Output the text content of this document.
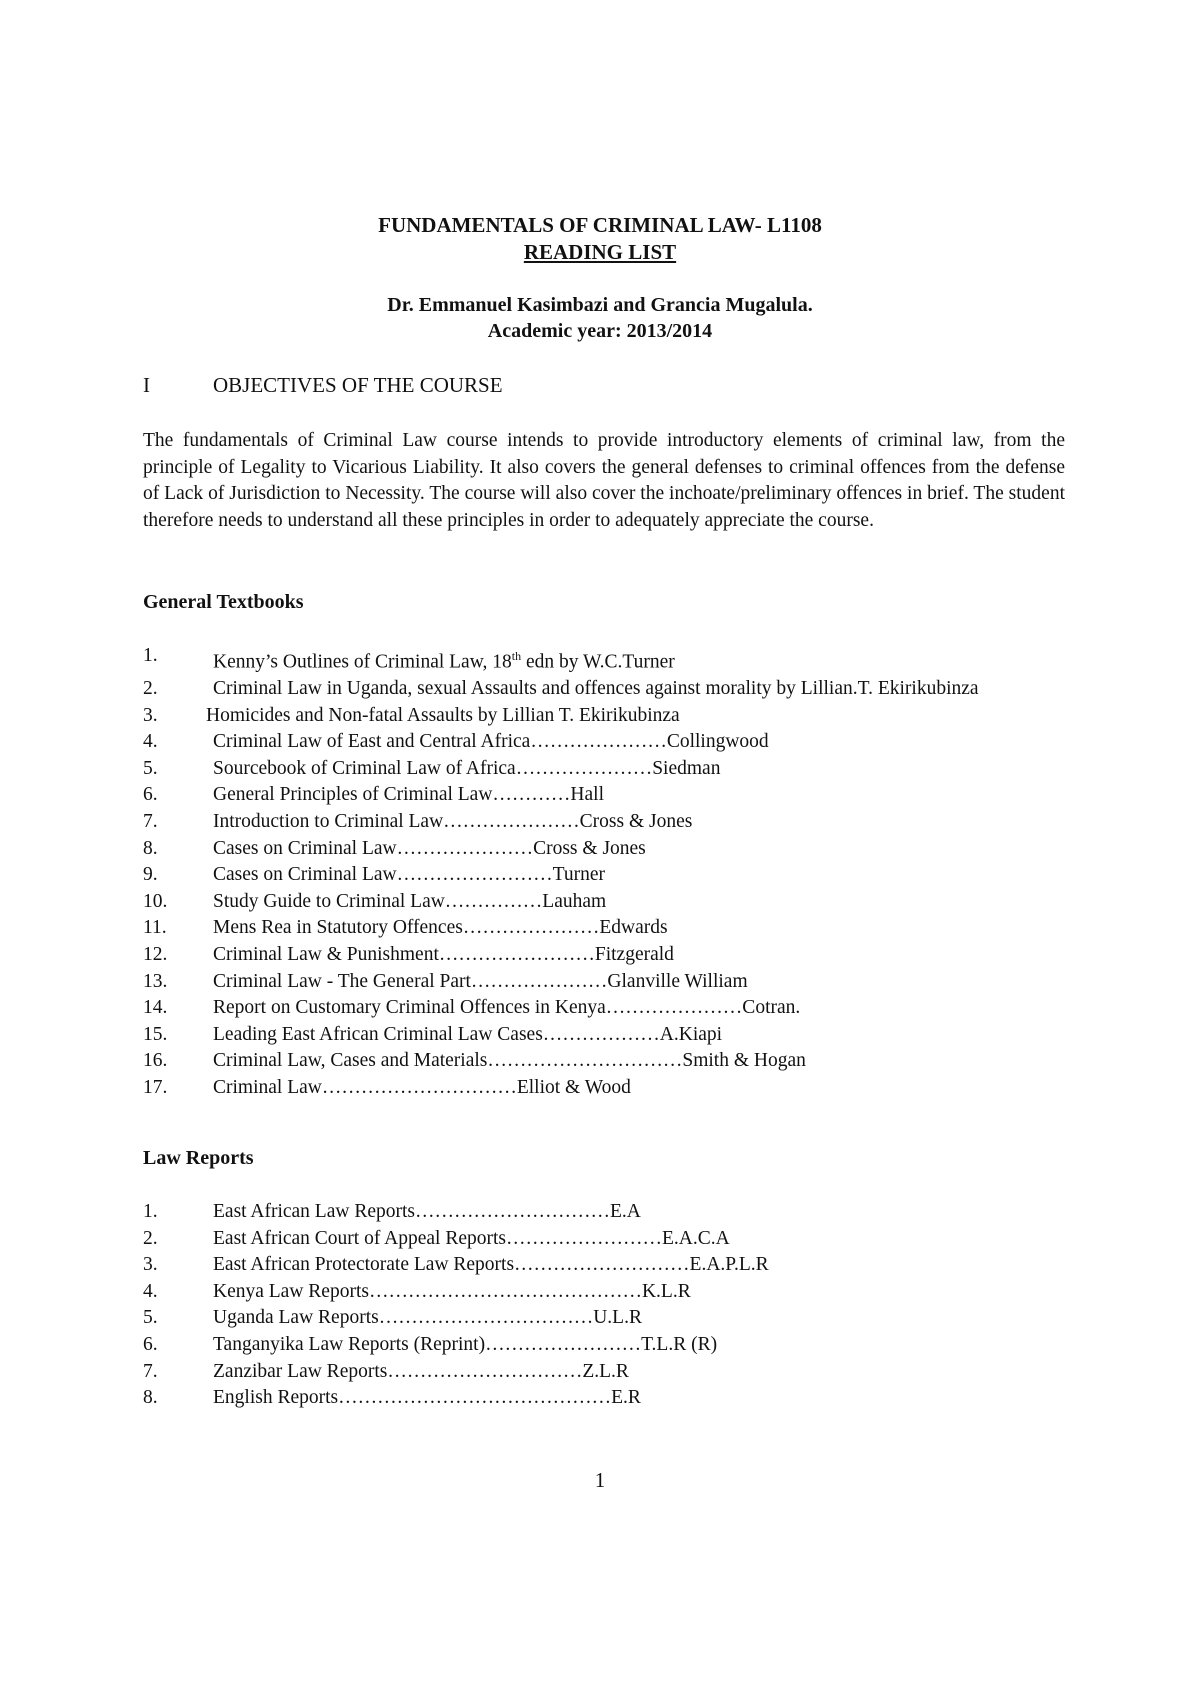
FUNDAMENTALS OF CRIMINAL LAW- L1108
READING LIST
Dr. Emmanuel Kasimbazi and Grancia Mugalula.
Academic year: 2013/2014
I	OBJECTIVES OF THE COURSE
The fundamentals of Criminal Law course intends to provide introductory elements of criminal law, from the principle of Legality to Vicarious Liability. It also covers the general defenses to criminal offences from the defense of Lack of Jurisdiction to Necessity. The course will also cover the inchoate/preliminary offences in brief. The student therefore needs to understand all these principles in order to adequately appreciate the course.
General Textbooks
1.	Kenny’s Outlines of Criminal Law, 18th edn by W.C.Turner
2.	Criminal Law in Uganda, sexual Assaults and offences against morality by Lillian.T. Ekirikubinza
3.	Homicides and Non-fatal Assaults by Lillian T. Ekirikubinza
4.	Criminal Law of East and Central Africa…………………Collingwood
5.	Sourcebook of Criminal Law of Africa…………………Siedman
6.	General Principles of Criminal Law…………Hall
7.	Introduction to Criminal Law…………………Cross & Jones
8.	Cases on Criminal Law…………………Cross & Jones
9.	Cases on Criminal Law……………………Turner
10.	Study Guide to Criminal Law……………Lauham
11.	Mens Rea in Statutory Offences…………………Edwards
12.	Criminal Law & Punishment……………………Fitzgerald
13.	Criminal Law - The General Part…………………Glanville William
14.	Report on Customary Criminal Offences in Kenya…………………Cotran.
15.	Leading East African Criminal Law Cases………………A.Kiapi
16.	Criminal Law, Cases and Materials…………………………Smith & Hogan
17.	Criminal Law…………………………Elliot & Wood
Law Reports
1.	East African Law Reports…………………………E.A
2.	East African Court of Appeal Reports……………………E.A.C.A
3.	East African Protectorate Law Reports………………………E.A.P.L.R
4.	Kenya Law Reports……………………………………K.L.R
5.	Uganda Law Reports……………………………U.L.R
6.	Tanganyika Law Reports (Reprint)……………………T.L.R (R)
7.	Zanzibar Law Reports…………………………Z.L.R
8.	English Reports……………………………………E.R
1
